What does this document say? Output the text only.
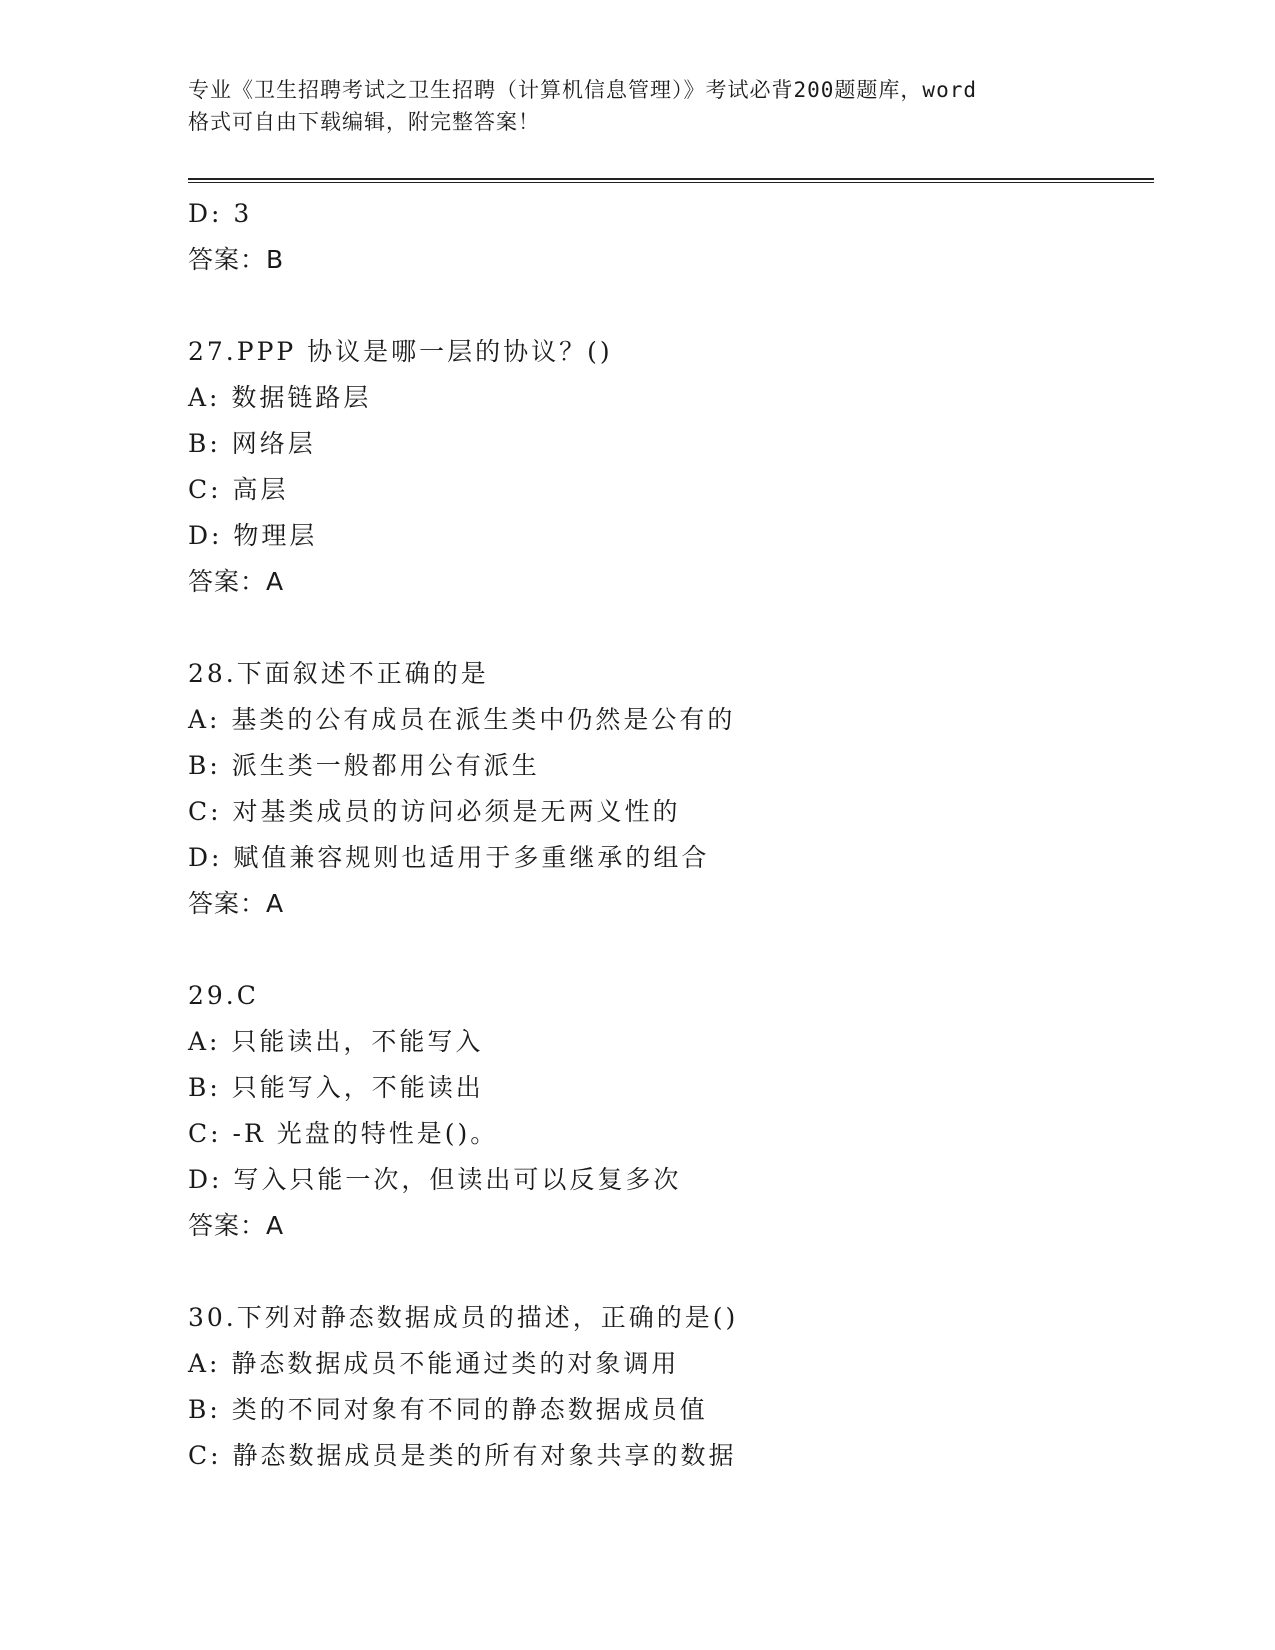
专业《卫生招聘考试之卫生招聘（计算机信息管理）》考试必背200题题库，word
格式可自由下载编辑，附完整答案！
D: 3
答案：B
27.PPP 协议是哪一层的协议？()
A: 数据链路层
B: 网络层
C: 高层
D: 物理层
答案：A
28.下面叙述不正确的是
A: 基类的公有成员在派生类中仍然是公有的
B: 派生类一般都用公有派生
C: 对基类成员的访问必须是无两义性的
D: 赋值兼容规则也适用于多重继承的组合
答案：A
29.C
A: 只能读出，不能写入
B: 只能写入，不能读出
C: -R 光盘的特性是()。
D: 写入只能一次，但读出可以反复多次
答案：A
30.下列对静态数据成员的描述，正确的是()
A: 静态数据成员不能通过类的对象调用
B: 类的不同对象有不同的静态数据成员值
C: 静态数据成员是类的所有对象共享的数据
